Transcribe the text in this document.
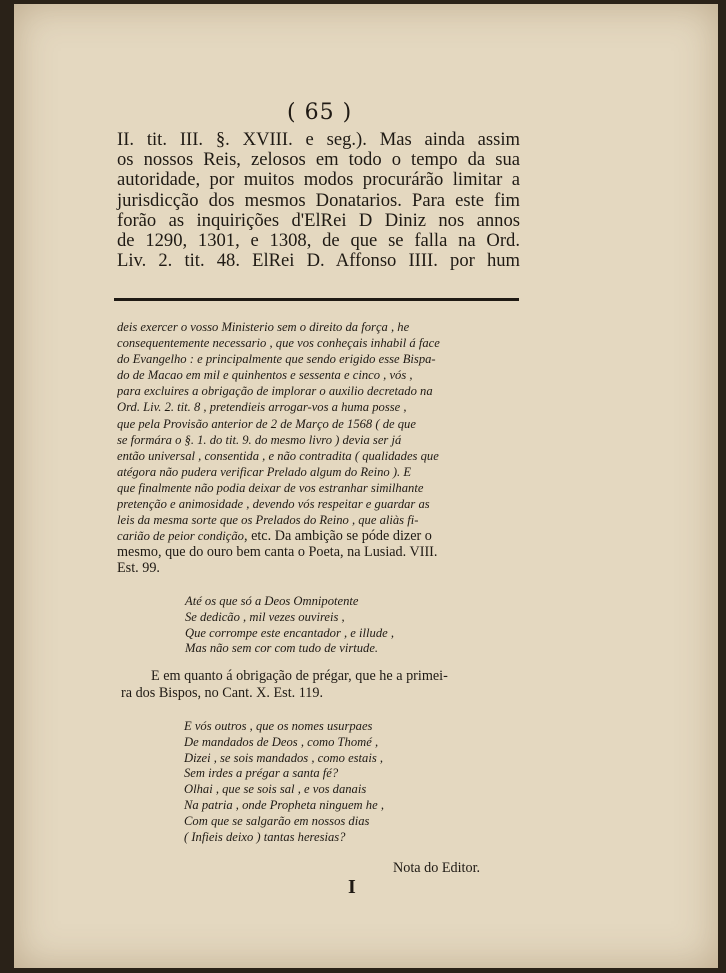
( 65 )
II. tit. III. §. XVIII. e seg.). Mas ainda assim
os nossos Reis, zelosos em todo o tempo da sua
autoridade, por muitos modos procurárão limitar a
jurisdicção dos mesmos Donatarios. Para este fim
forão as inquirições d'ElRei D Diniz nos annos
de 1290, 1301, e 1308, de que se falla na Ord.
Liv. 2. tit. 48. ElRei D. Affonso IIII. por hum
deis exercer o vosso Ministerio sem o direito da força , he
consequentemente necessario , que vos conheçais inhabil á face
do Evangelho : e principalmente que sendo erigido esse Bispa-
do de Macao em mil e quinhentos e sessenta e cinco , vós ,
para excluires a obrigação de implorar o auxilio decretado na
Ord. Liv. 2. tit. 8 , pretendieis arrogar-vos a huma posse ,
que pela Provisão anterior de 2 de Março de 1568 ( de que
se formára o §. 1. do tit. 9. do mesmo livro ) devia ser já
então universal , consentida , e não contradita ( qualidades que
atégora não pudera verificar Prelado algum do Reino ). E
que finalmente não podia deixar de vos estranhar similhante
pretenção e animosidade , devendo vós respeitar e guardar as
leis da mesma sorte que os Prelados do Reino , que aliàs fi-
carião de peior condição, etc. Da ambição se póde dizer o
mesmo, que do ouro bem canta o Poeta, na Lusiad. VIII.
Est. 99.
Até os que só a Deos Omnipotente
Se dedicão , mil vezes ouvireis ,
Que corrompe este encantador , e illude ,
Mas não sem cor com tudo de virtude.
E em quanto á obrigação de prégar, que he a primei-
ra dos Bispos, no Cant. X. Est. 119.
E vós outros , que os nomes usurpaes
De mandados de Deos , como Thomé ,
Dizei , se sois mandados , como estais ,
Sem irdes a prégar a santa fé?
Olhai , que se sois sal , e vos danais
Na patria , onde Propheta ninguem he ,
Com que se salgarão em nossos dias
( Infieis deixo ) tantas heresias?
Nota do Editor.
I
